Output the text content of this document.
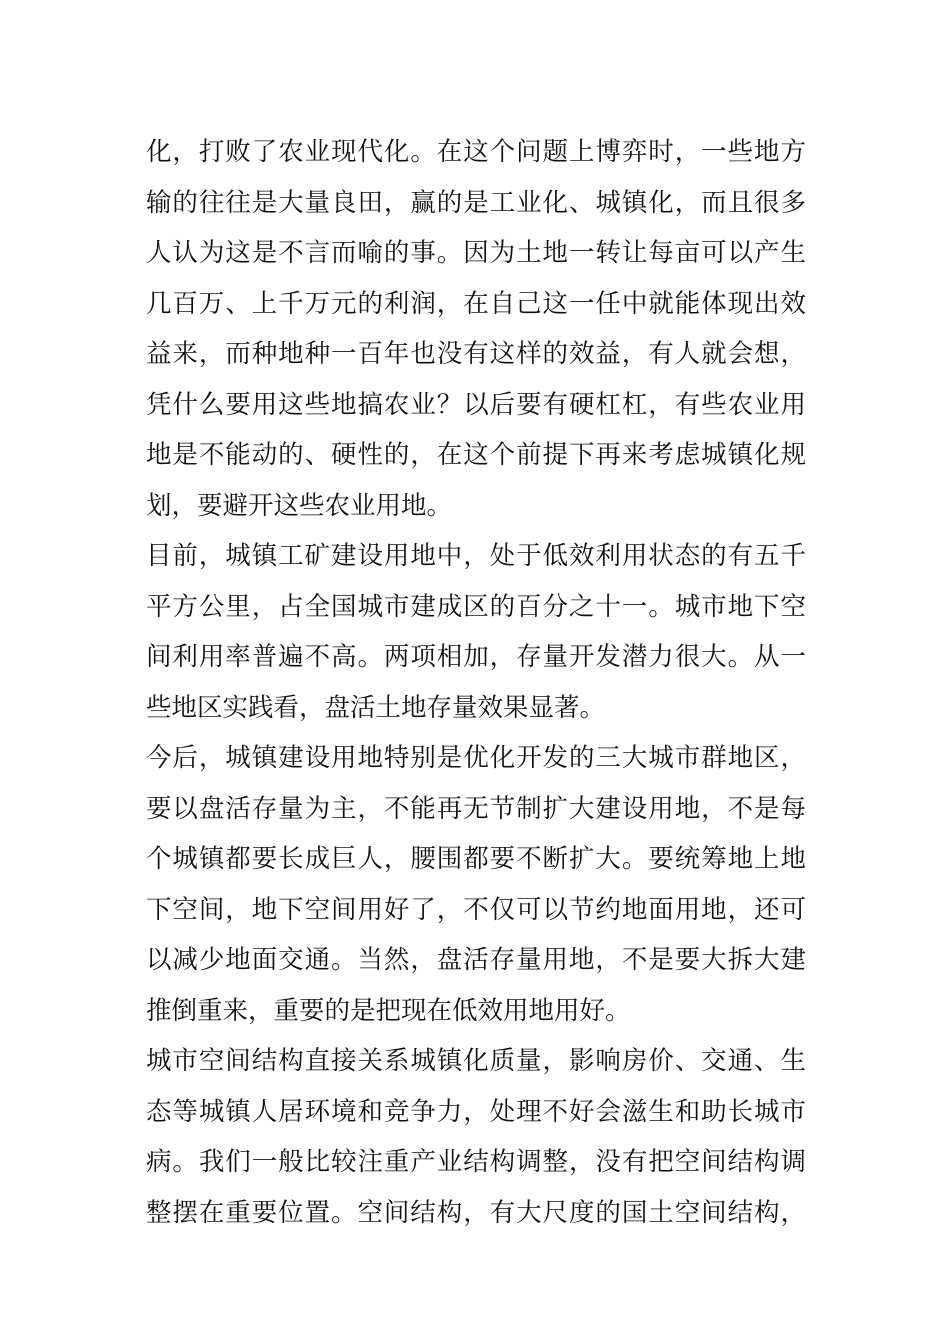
化，打败了农业现代化。在这个问题上博弈时，一些地方
输的往往是大量良田，赢的是工业化、城镇化，而且很多
人认为这是不言而喻的事。因为土地一转让每亩可以产生
几百万、上千万元的利润，在自己这一任中就能体现出效
益来，而种地种一百年也没有这样的效益，有人就会想，
凭什么要用这些地搞农业？以后要有硬杠杠，有些农业用
地是不能动的、硬性的，在这个前提下再来考虑城镇化规
划，要避开这些农业用地。
目前，城镇工矿建设用地中，处于低效利用状态的有五千
平方公里，占全国城市建成区的百分之十一。城市地下空
间利用率普遍不高。两项相加，存量开发潜力很大。从一
些地区实践看，盘活土地存量效果显著。
今后，城镇建设用地特别是优化开发的三大城市群地区，
要以盘活存量为主，不能再无节制扩大建设用地，不是每
个城镇都要长成巨人，腰围都要不断扩大。要统筹地上地
下空间，地下空间用好了，不仅可以节约地面用地，还可
以减少地面交通。当然，盘活存量用地，不是要大拆大建
推倒重来，重要的是把现在低效用地用好。
城市空间结构直接关系城镇化质量，影响房价、交通、生
态等城镇人居环境和竞争力，处理不好会滋生和助长城市
病。我们一般比较注重产业结构调整，没有把空间结构调
整摆在重要位置。空间结构，有大尺度的国土空间结构，
